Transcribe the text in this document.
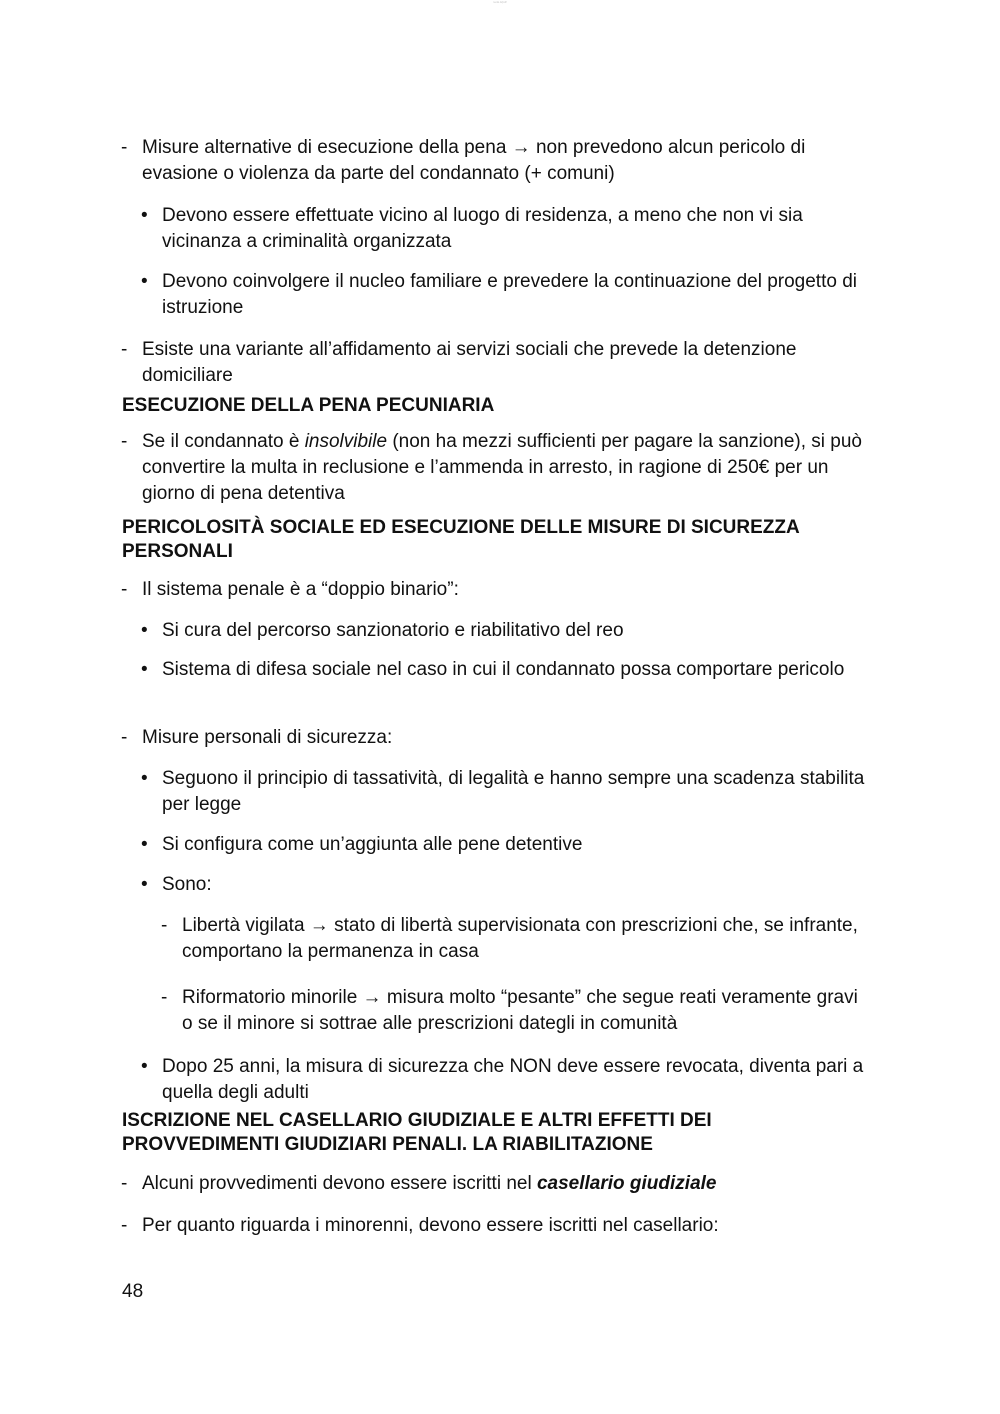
tenk.it/pdf
- Misure alternative di esecuzione della pena → non prevedono alcun pericolo di evasione o violenza da parte del condannato (+ comuni)
• Devono essere effettuate vicino al luogo di residenza, a meno che non vi sia vicinanza a criminalità organizzata
• Devono coinvolgere il nucleo familiare e prevedere la continuazione del progetto di istruzione
- Esiste una variante all’affidamento ai servizi sociali che prevede la detenzione domiciliare
ESECUZIONE DELLA PENA PECUNIARIA
- Se il condannato è insolvibile (non ha mezzi sufficienti per pagare la sanzione), si può convertire la multa in reclusione e l’ammenda in arresto, in ragione di 250€ per un giorno di pena detentiva
PERICOLOSITÀ SOCIALE ED ESECUZIONE DELLE MISURE DI SICUREZZA PERSONALI
- Il sistema penale è a “doppio binario”:
• Si cura del percorso sanzionatorio e riabilitativo del reo
• Sistema di difesa sociale nel caso in cui il condannato possa comportare pericolo
- Misure personali di sicurezza:
• Seguono il principio di tassatività, di legalità e hanno sempre una scadenza stabilita per legge
• Si configura come un’aggiunta alle pene detentive
• Sono:
- Libertà vigilata → stato di libertà supervisionata con prescrizioni che, se infrante, comportano la permanenza in casa
- Riformatorio minorile → misura molto “pesante” che segue reati veramente gravi o se il minore si sottrae alle prescrizioni dategli in comunità
• Dopo 25 anni, la misura di sicurezza che NON deve essere revocata, diventa pari a quella degli adulti
ISCRIZIONE NEL CASELLARIO GIUDIZIALE E ALTRI EFFETTI DEI PROVVEDIMENTI GIUDIZIARI PENALI. LA RIABILITAZIONE
- Alcuni provvedimenti devono essere iscritti nel casellario giudiziale
- Per quanto riguarda i minorenni, devono essere iscritti nel casellario:

48
